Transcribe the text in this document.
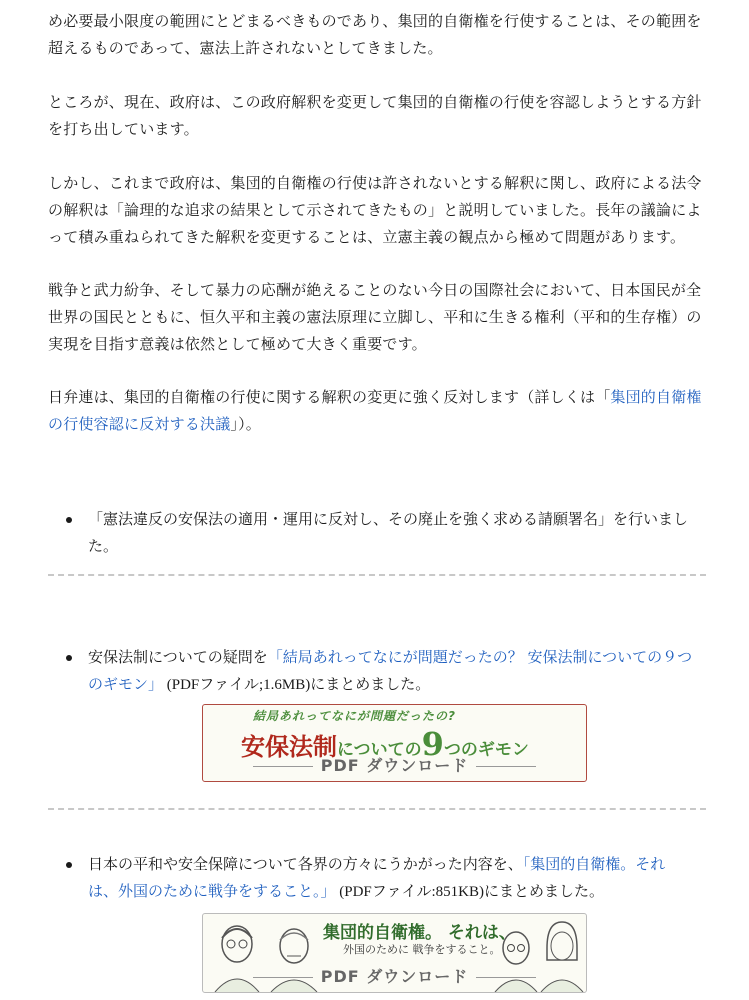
め必要最小限度の範囲にとどまるべきものであり、集団的自衛権を行使することは、その範囲を
超えるものであって、憲法上許されないとしてきました。
ところが、現在、政府は、この政府解釈を変更して集団的自衛権の行使を容認しようとする方針
を打ち出しています。
しかし、これまで政府は、集団的自衛権の行使は許されないとする解釈に関し、政府による法令
の解釈は「論理的な追求の結果として示されてきたもの」と説明していました。長年の議論によ
って積み重ねられてきた解釈を変更することは、立憲主義の観点から極めて問題があります。
戦争と武力紛争、そして暴力の応酬が絶えることのない今日の国際社会において、日本国民が全
世界の国民とともに、恒久平和主義の憲法原理に立脚し、平和に生きる権利（平和的生存権）の
実現を目指す意義は依然として極めて大きく重要です。
日弁連は、集団的自衛権の行使に関する解釈の変更に強く反対します（詳しくは「集団的自衛権
の行使容認に反対する決議」）。
「憲法違反の安保法の適用・運用に反対し、その廃止を強く求める請願署名」を行いまし
た。
安保法制についての疑問を「結局あれってなにが問題だったの？ 安保法制についての９つ
のギモン」 (PDFファイル;1.6MB)にまとめました。
結局あれってなにが問題だったの?
安保法制についての9つのギモン
PDF ダウンロード
日本の平和や安全保障について各界の方々にうかがった内容を、「集団的自衛権。それ
は、外国のために戦争をすること。」 (PDFファイル:851KB)にまとめました。
集団的自衛権。 それは、
外国のために 戦争をすること。
PDF ダウンロード
